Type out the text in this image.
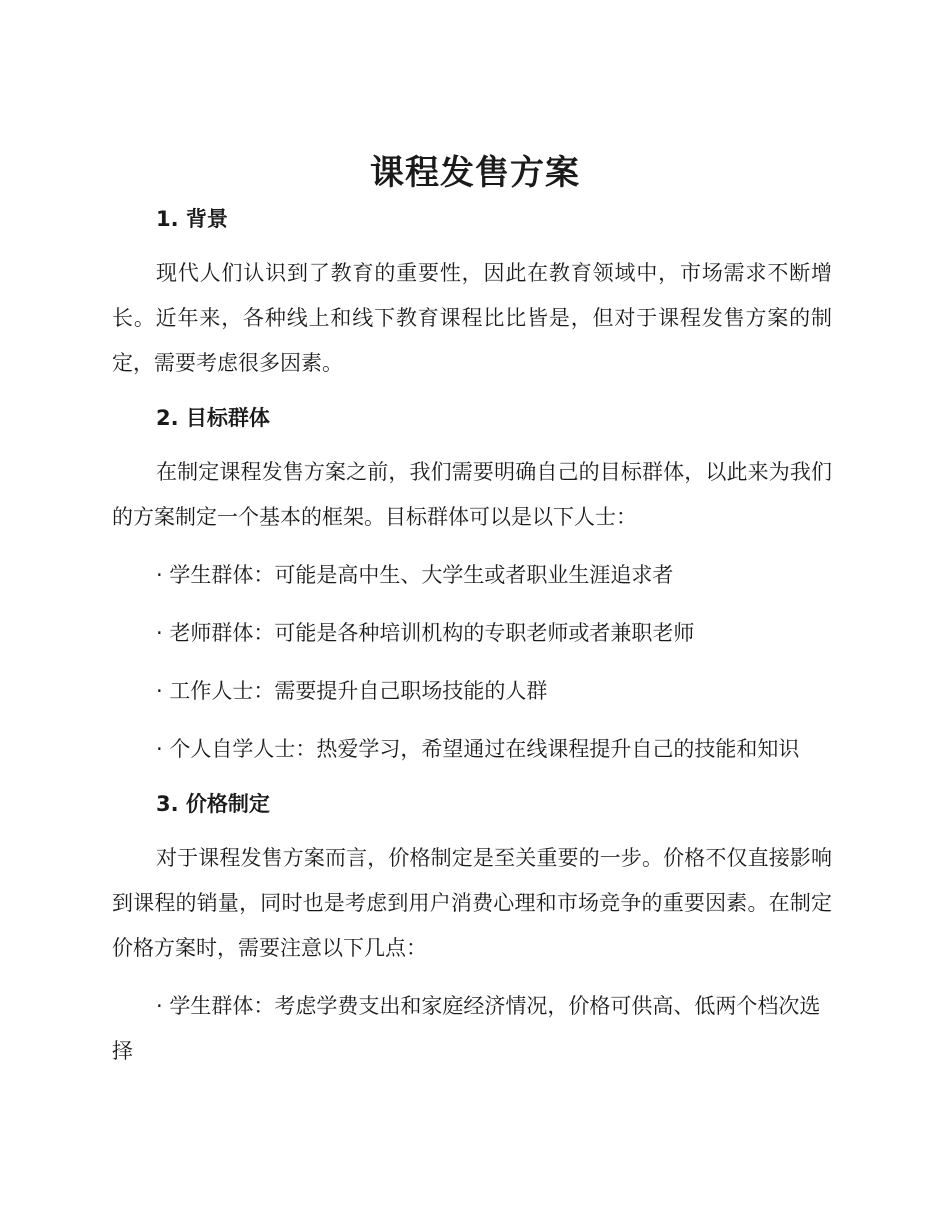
课程发售方案
1. 背景

现代人们认识到了教育的重要性，因此在教育领域中，市场需求不断增长。近年来，各种线上和线下教育课程比比皆是，但对于课程发售方案的制定，需要考虑很多因素。

2. 目标群体

在制定课程发售方案之前，我们需要明确自己的目标群体，以此来为我们的方案制定一个基本的框架。目标群体可以是以下人士：

· 学生群体：可能是高中生、大学生或者职业生涯追求者

· 老师群体：可能是各种培训机构的专职老师或者兼职老师

· 工作人士：需要提升自己职场技能的人群

· 个人自学人士：热爱学习，希望通过在线课程提升自己的技能和知识

3. 价格制定

对于课程发售方案而言，价格制定是至关重要的一步。价格不仅直接影响到课程的销量，同时也是考虑到用户消费心理和市场竞争的重要因素。在制定价格方案时，需要注意以下几点：

· 学生群体：考虑学费支出和家庭经济情况，价格可供高、低两个档次选择
